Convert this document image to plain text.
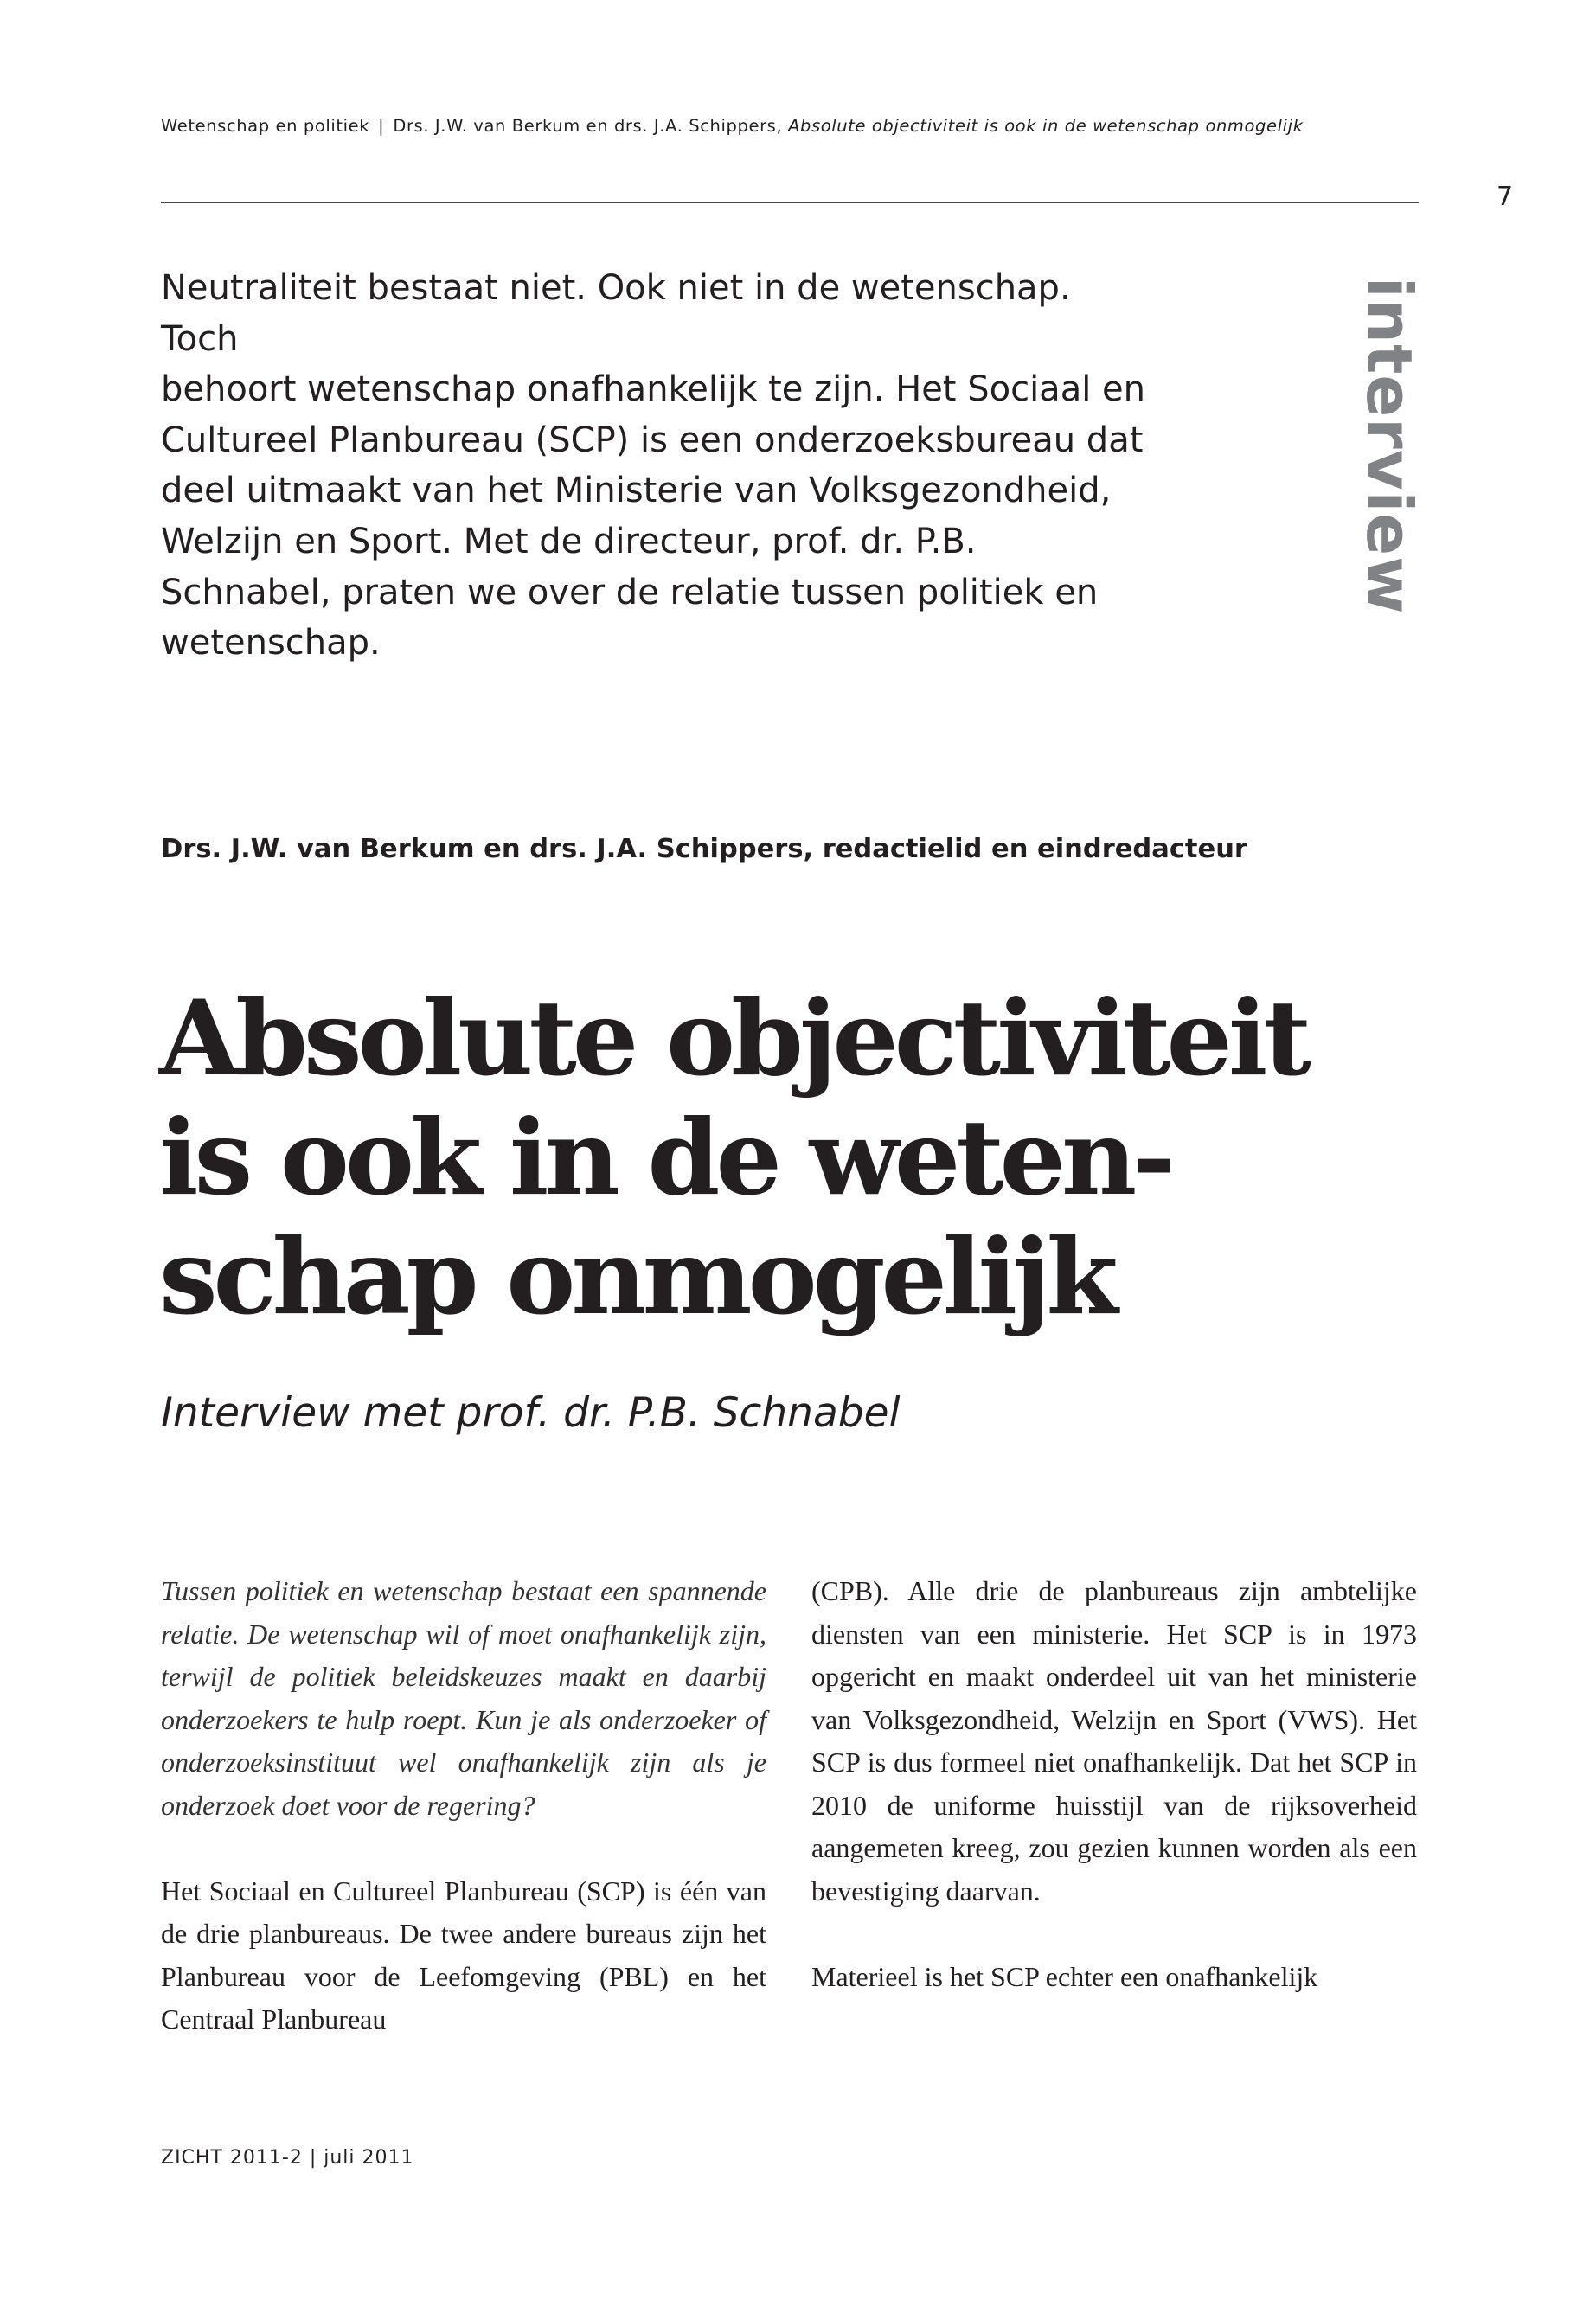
Wetenschap en politiek | Drs. J.W. van Berkum en drs. J.A. Schippers, Absolute objectiviteit is ook in de wetenschap onmogelijk
7

Neutraliteit bestaat niet. Ook niet in de wetenschap. Toch

behoort wetenschap onafhankelijk te zijn. Het Sociaal en

Cultureel Planbureau (SCP) is een onderzoeksbureau dat

deel uitmaakt van het Ministerie van Volksgezondheid,

Welzijn en Sport. Met de directeur, prof. dr. P.B.

Schnabel, praten we over de relatie tussen politiek en

wetenschap.

interview
Drs. J.W. van Berkum en drs. J.A. Schippers, redactielid en eindredacteur
Absolute objectiviteit
is ook in de weten-
schap onmogelijk
Interview met prof. dr. P.B. Schnabel

Tussen politiek en wetenschap bestaat een spannende relatie. De wetenschap wil of moet onafhankelijk zijn, terwijl de politiek beleidskeuzes maakt en daarbij onderzoekers te hulp roept. Kun je als onderzoeker of onderzoeksinstituut wel onafhankelijk zijn als je onderzoek doet voor de regering?

Het Sociaal en Cultureel Planbureau (SCP) is één van de drie planbureaus. De twee andere bureaus zijn het Planbureau voor de Leefomgeving (PBL) en het Centraal Planbureau

(CPB). Alle drie de planbureaus zijn ambtelijke diensten van een ministerie. Het SCP is in 1973 opgericht en maakt onderdeel uit van het ministerie van Volksgezondheid, Welzijn en Sport (VWS). Het SCP is dus formeel niet onafhankelijk. Dat het SCP in 2010 de uniforme huisstijl van de rijksoverheid aangemeten kreeg, zou gezien kunnen worden als een bevestiging daarvan.

Materieel is het SCP echter een onafhankelijk

ZICHT 2011-2 | juli 2011
